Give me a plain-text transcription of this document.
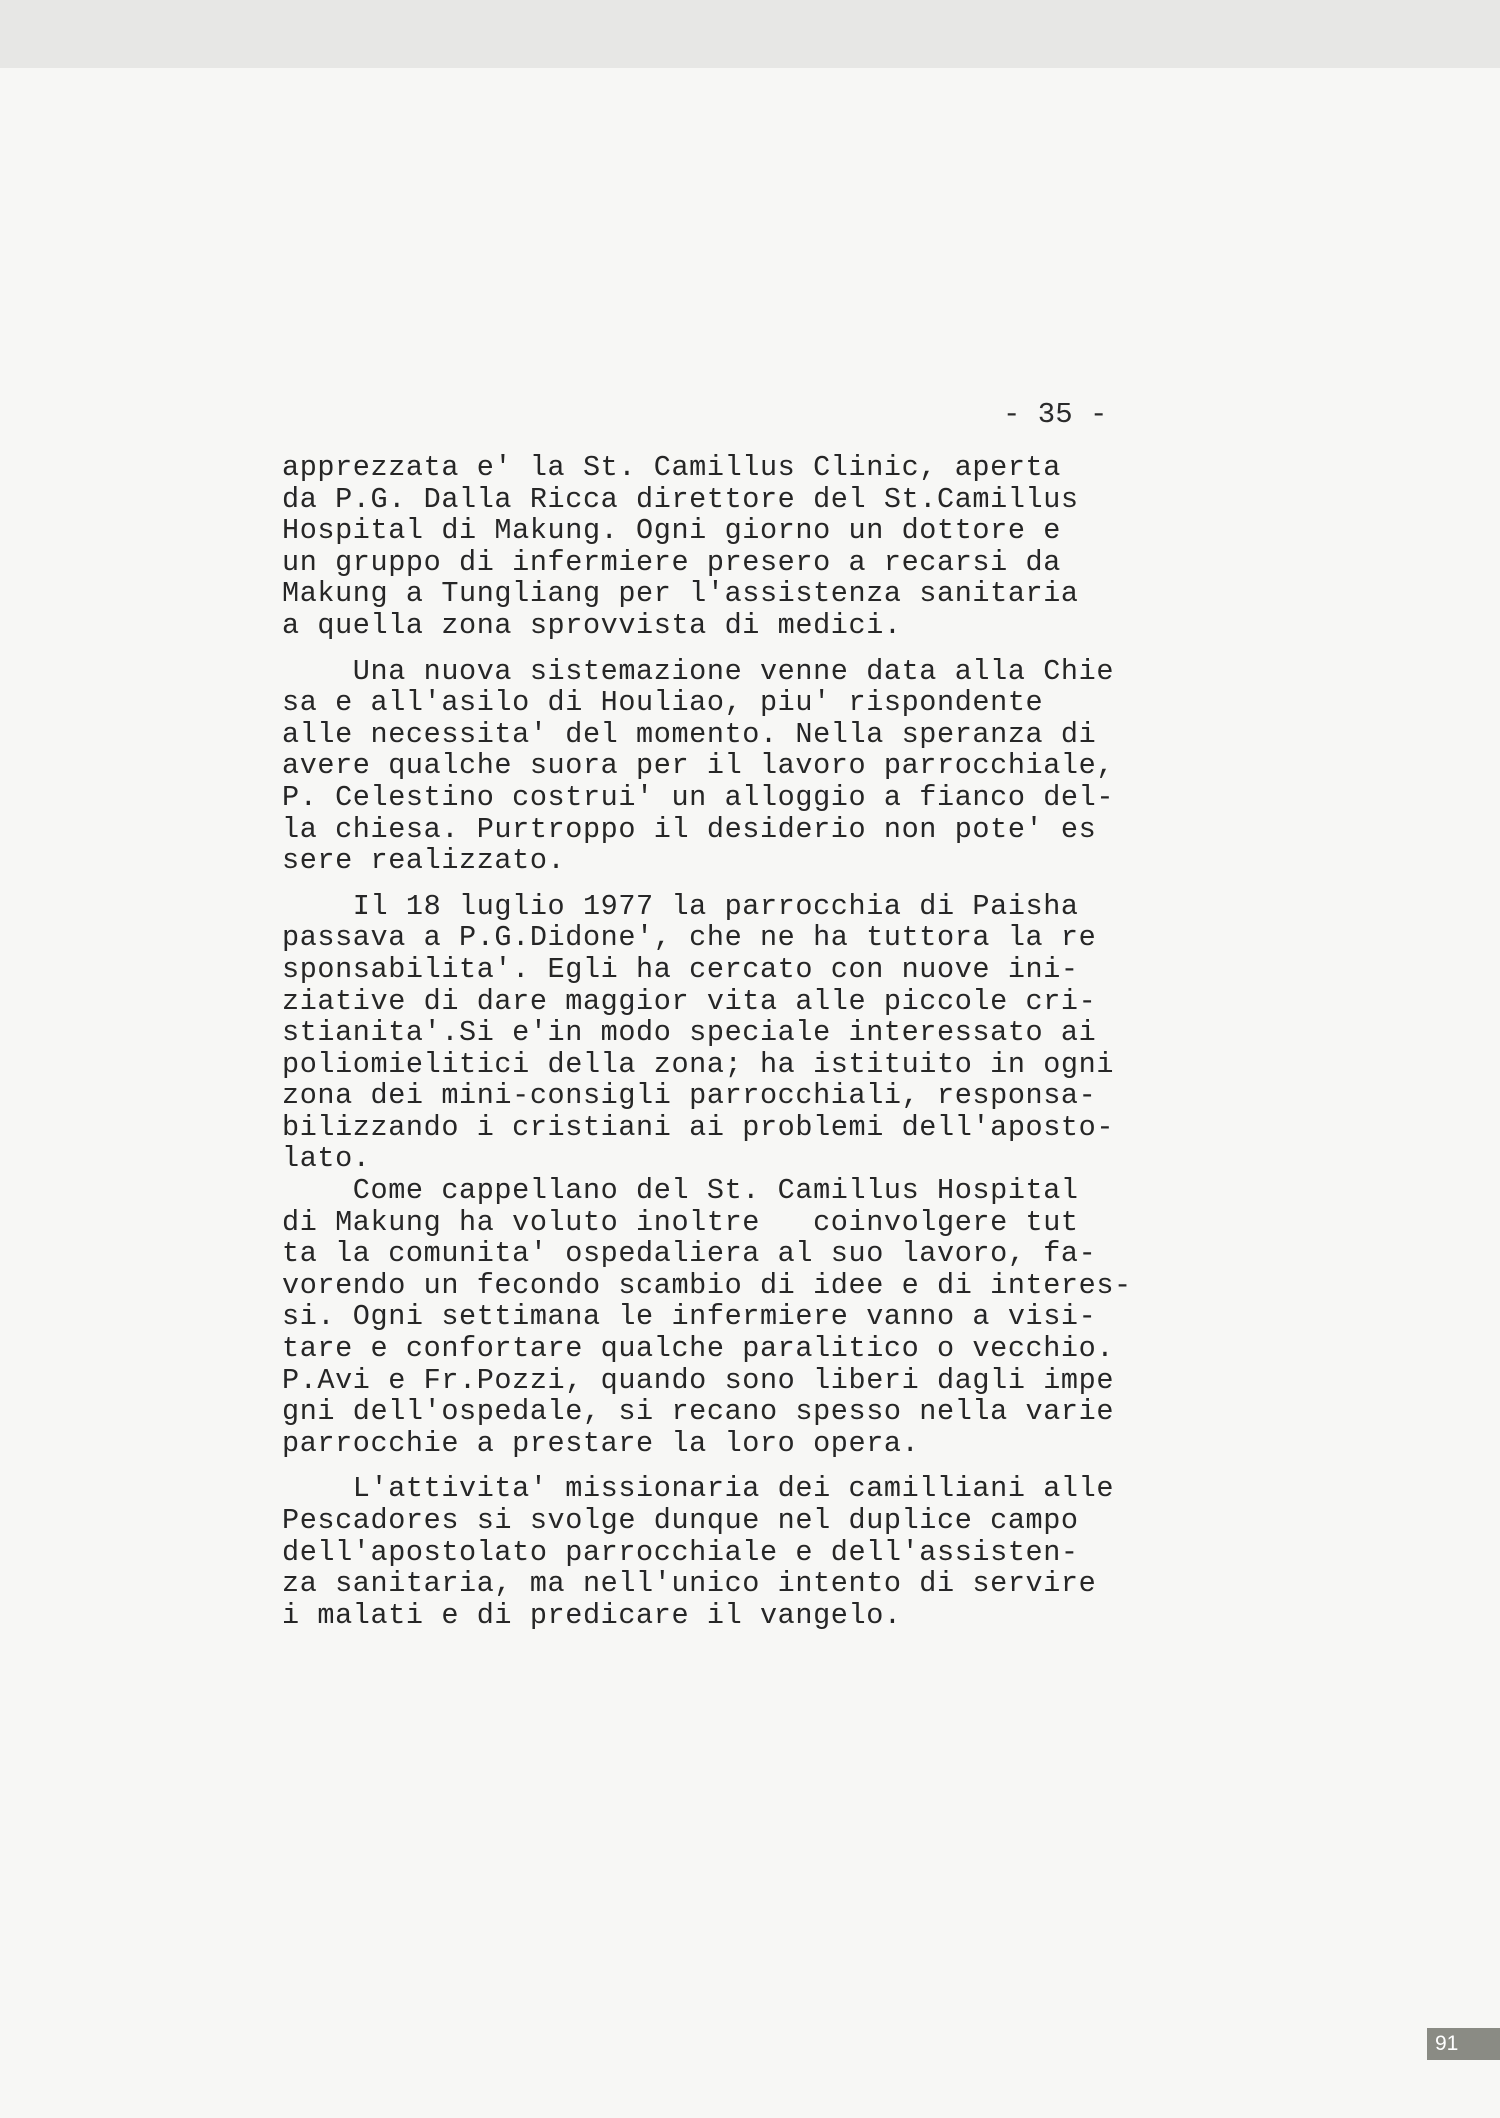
- 35 -
apprezzata e' la St. Camillus Clinic, aperta
da P.G. Dalla Ricca direttore del St.Camillus
Hospital di Makung. Ogni giorno un dottore e
un gruppo di infermiere presero a recarsi da
Makung a Tungliang per l'assistenza sanitaria
a quella zona sprovvista di medici.
Una nuova sistemazione venne data alla Chie
sa e all'asilo di Houliao, piu' rispondente
alle necessita' del momento. Nella speranza di
avere qualche suora per il lavoro parrocchiale,
P. Celestino costrui' un alloggio a fianco del-
la chiesa. Purtroppo il desiderio non pote' es
sere realizzato.
Il 18 luglio 1977 la parrocchia di Paisha
passava a P.G.Didone', che ne ha tuttora la re
sponsabilita'. Egli ha cercato con nuove ini-
ziative di dare maggior vita alle piccole cri-
stianita'.Si e'in modo speciale interessato ai
poliomielitici della zona; ha istituito in ogni
zona dei mini-consigli parrocchiali, responsa-
bilizzando i cristiani ai problemi dell'aposto-
lato.
Come cappellano del St. Camillus Hospital
di Makung ha voluto inoltre   coinvolgere tut
ta la comunita' ospedaliera al suo lavoro, fa-
vorendo un fecondo scambio di idee e di interes-
si. Ogni settimana le infermiere vanno a visi-
tare e confortare qualche paralitico o vecchio.
P.Avi e Fr.Pozzi, quando sono liberi dagli impe
gni dell'ospedale, si recano spesso nella varie
parrocchie a prestare la loro opera.
L'attivita' missionaria dei camilliani alle
Pescadores si svolge dunque nel duplice campo
dell'apostolato parrocchiale e dell'assisten-
za sanitaria, ma nell'unico intento di servire
i malati e di predicare il vangelo.
91
